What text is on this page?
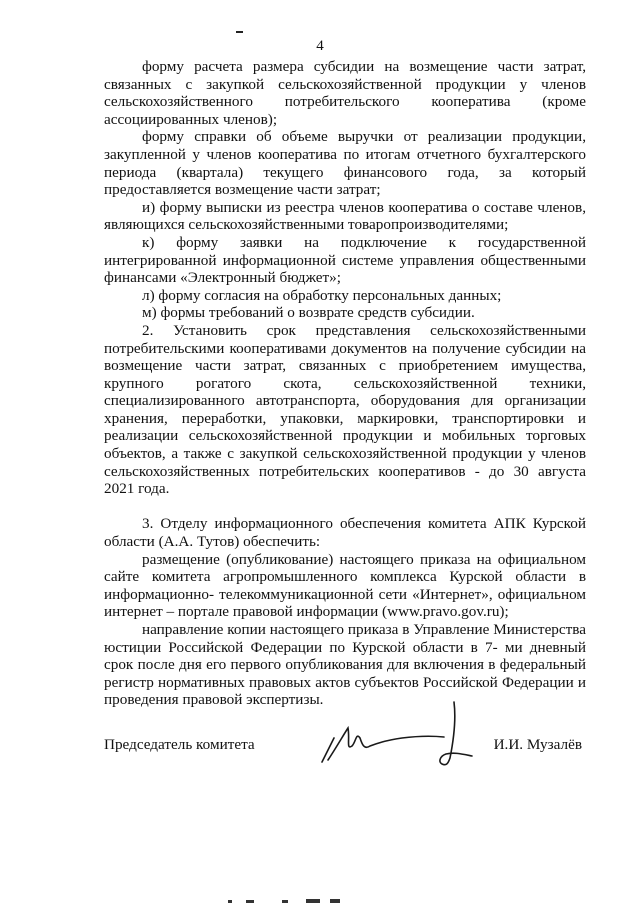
4

форму расчета размера субсидии на возмещение части затрат, связанных с закупкой сельскохозяйственной продукции у членов сельскохозяйственного потребительского кооператива (кроме ассоциированных членов);

форму справки об объеме выручки от реализации продукции, закупленной у членов кооператива по итогам отчетного бухгалтерского периода (квартала) текущего финансового года, за который предоставляется возмещение части затрат;

и) форму выписки из реестра членов кооператива о составе членов, являющихся сельскохозяйственными товаропроизводителями;

к) форму заявки на подключение к государственной интегрированной информационной системе управления общественными финансами «Электронный бюджет»;

л) форму согласия на обработку персональных данных;

м) формы требований о возврате средств субсидии.

2. Установить срок представления сельскохозяйственными потребительскими кооперативами документов на получение субсидии на возмещение части затрат, связанных с приобретением имущества, крупного рогатого скота, сельскохозяйственной техники, специализированного автотранспорта, оборудования для организации хранения, переработки, упаковки, маркировки, транспортировки и реализации сельскохозяйственной продукции и мобильных торговых объектов, а также с закупкой сельскохозяйственной продукции у членов сельскохозяйственных потребительских кооперативов - до 30 августа 2021 года.

3. Отделу информационного обеспечения комитета АПК Курской области (А.А. Тутов) обеспечить:

размещение (опубликование) настоящего приказа на официальном сайте комитета агропромышленного комплекса Курской области в информационно- телекоммуникационной сети «Интернет», официальном интернет – портале правовой информации (www.pravo.gov.ru);

направление копии настоящего приказа в Управление Министерства юстиции Российской Федерации по Курской области в 7- ми дневный срок после дня его первого опубликования для включения в федеральный регистр нормативных правовых актов субъектов Российской Федерации и проведения правовой экспертизы.

Председатель комитета	И.И. Музалёв
